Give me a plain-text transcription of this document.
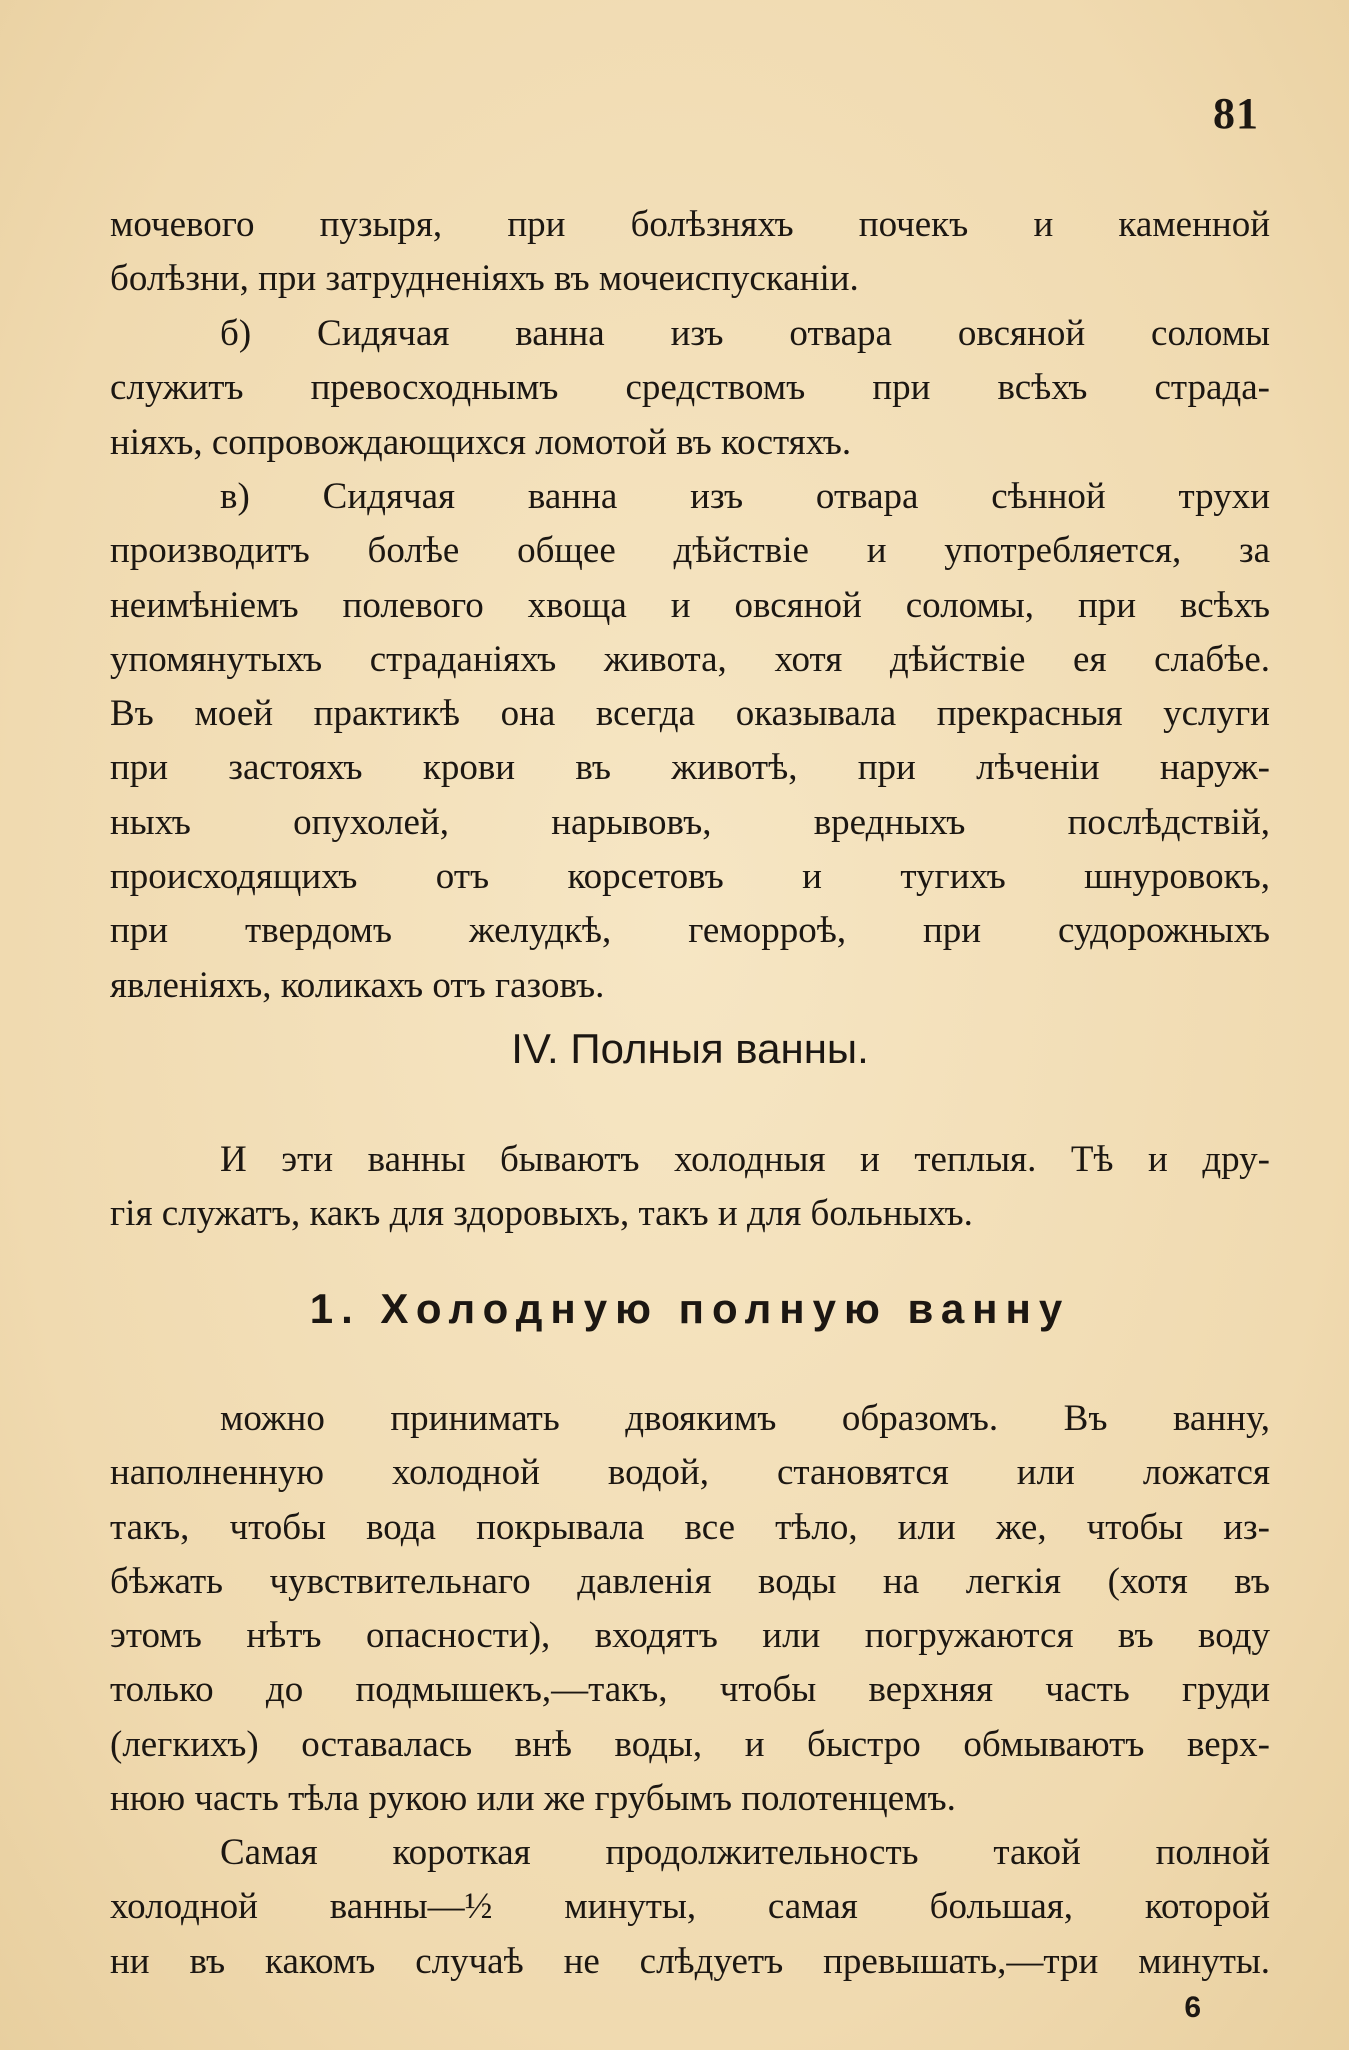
81
мочевого пузыря, при болѣзняхъ почекъ и каменной
болѣзни, при затрудненіяхъ въ мочеиспусканіи.
б) Сидячая ванна изъ отвара овсяной соломы
служитъ превосходнымъ средствомъ при всѣхъ страда-
ніяхъ, сопровождающихся ломотой въ костяхъ.
в) Сидячая ванна изъ отвара сѣнной трухи
производитъ болѣе общее дѣйствіе и употребляется, за
неимѣніемъ полевого хвоща и овсяной соломы, при всѣхъ
упомянутыхъ страданіяхъ живота, хотя дѣйствіе ея слабѣе.
Въ моей практикѣ она всегда оказывала прекрасныя услуги
при застояхъ крови въ животѣ, при лѣченіи наруж-
ныхъ опухолей, нарывовъ, вредныхъ послѣдствій,
происходящихъ отъ корсетовъ и тугихъ шнуровокъ,
при твердомъ желудкѣ, геморроѣ, при судорожныхъ
явленіяхъ, коликахъ отъ газовъ.
IV. Полныя ванны.
И эти ванны бываютъ холодныя и теплыя. Тѣ и дру-
гія служатъ, какъ для здоровыхъ, такъ и для больныхъ.
1. Холодную полную ванну
можно принимать двоякимъ образомъ. Въ ванну,
наполненную холодной водой, становятся или ложатся
такъ, чтобы вода покрывала все тѣло, или же, чтобы из-
бѣжать чувствительнаго давленія воды на легкія (хотя въ
этомъ нѣтъ опасности), входятъ или погружаются въ воду
только до подмышекъ,—такъ, чтобы верхняя часть груди
(легкихъ) оставалась внѣ воды, и быстро обмываютъ верх-
нюю часть тѣла рукою или же грубымъ полотенцемъ.
Самая короткая продолжительность такой полной
холодной ванны—½ минуты, самая большая, которой
ни въ какомъ случаѣ не слѣдуетъ превышать,—три минуты.
6
